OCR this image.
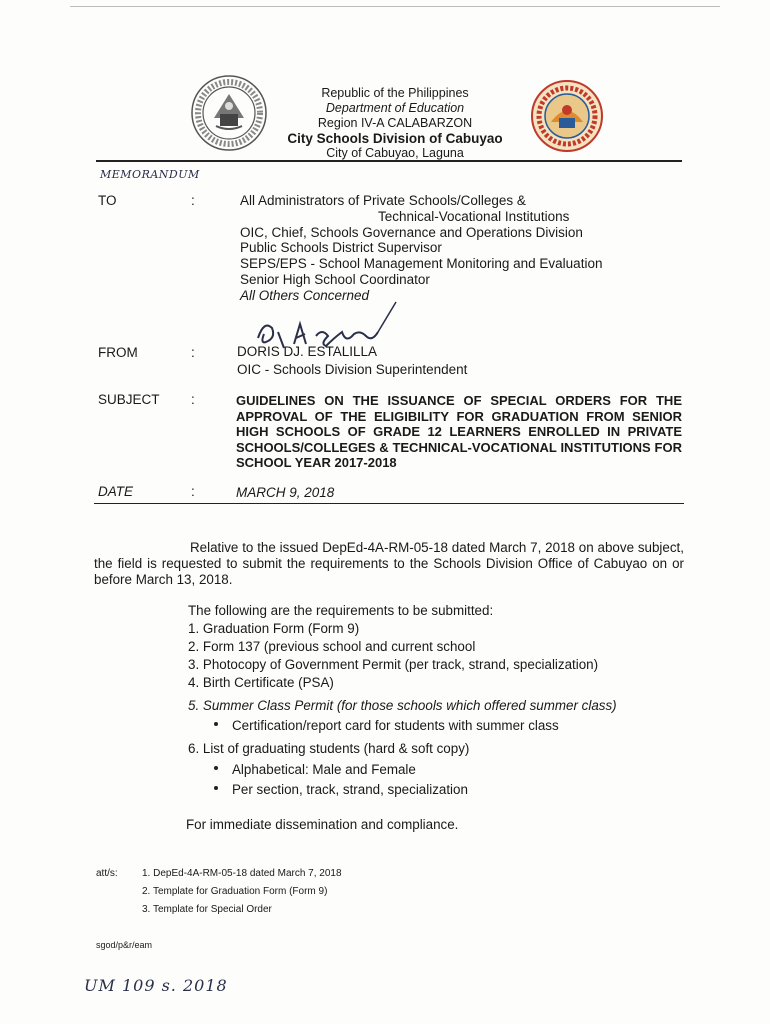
Republic of the Philippines
Department of Education
Region IV-A CALABARZON
City Schools Division of Cabuyao
City of Cabuyao, Laguna
MEMORANDUM
TO	:	All Administrators of Private Schools/Colleges &
Technical-Vocational Institutions
OIC, Chief, Schools Governance and Operations Division
Public Schools District Supervisor
SEPS/EPS - School Management Monitoring and Evaluation
Senior High School Coordinator
All Others Concerned
FROM	:	DORIS DJ. ESTALILLA
OIC - Schools Division Superintendent
SUBJECT :	GUIDELINES ON THE ISSUANCE OF SPECIAL ORDERS FOR THE APPROVAL OF THE ELIGIBILITY FOR GRADUATION FROM SENIOR HIGH SCHOOLS OF GRADE 12 LEARNERS ENROLLED IN PRIVATE SCHOOLS/COLLEGES & TECHNICAL-VOCATIONAL INSTITUTIONS FOR SCHOOL YEAR 2017-2018
DATE	:	MARCH 9, 2018
Relative to the issued DepEd-4A-RM-05-18 dated March 7, 2018 on above subject, the field is requested to submit the requirements to the Schools Division Office of Cabuyao on or before March 13, 2018.
The following are the requirements to be submitted:
1. Graduation Form (Form 9)
2. Form 137 (previous school and current school
3. Photocopy of Government Permit (per track, strand, specialization)
4. Birth Certificate (PSA)
5. Summer Class Permit (for those schools which offered summer class)
Certification/report card for students with summer class
6. List of graduating students (hard & soft copy)
Alphabetical: Male and Female
Per section, track, strand, specialization
For immediate dissemination and compliance.
att/s: 1. DepEd-4A-RM-05-18 dated March 7, 2018
2. Template for Graduation Form (Form 9)
3. Template for Special Order
sgod/p&r/eam
UM 109 s. 2018
